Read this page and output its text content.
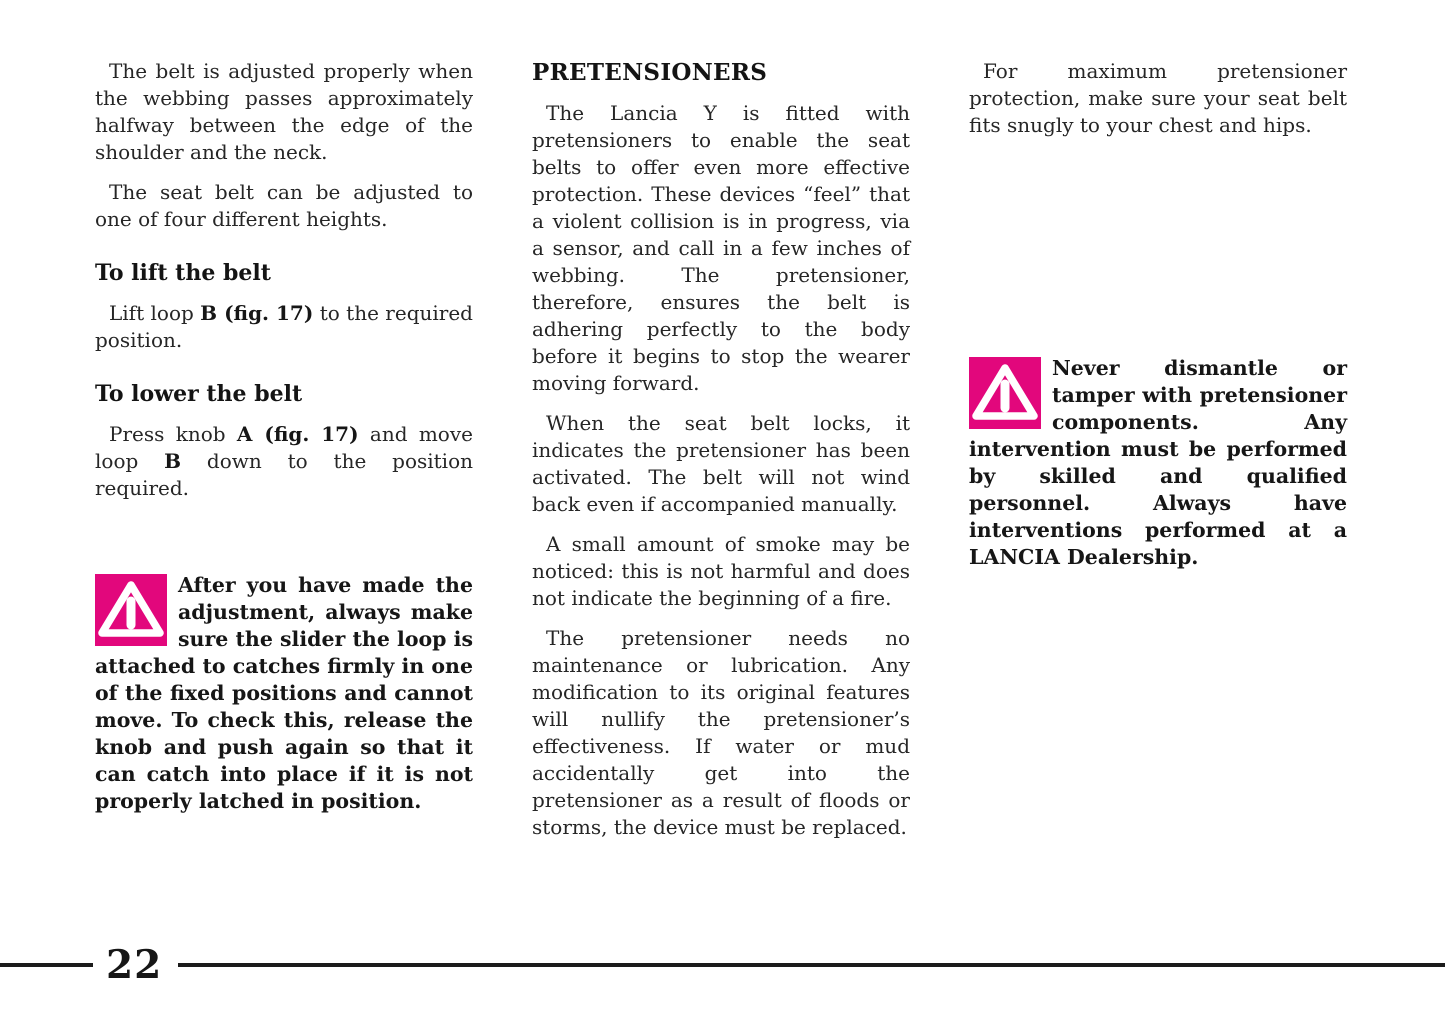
The belt is adjusted properly when the webbing passes approximately halfway between the edge of the shoulder and the neck.

The seat belt can be adjusted to one of four different heights.

To lift the belt

Lift loop B (fig. 17) to the required position.

To lower the belt

Press knob A (fig. 17) and move loop B down to the position required.

After you have made the adjustment, always make sure the slider the loop is attached to catches firmly in one of the fixed positions and cannot move. To check this, release the knob and push again so that it can catch into place if it is not properly latched in position.
PRETENSIONERS

The Lancia Y is fitted with pretensioners to enable the seat belts to offer even more effective protection. These devices “feel” that a violent collision is in progress, via a sensor, and call in a few inches of webbing. The pretensioner, therefore, ensures the belt is adhering perfectly to the body before it begins to stop the wearer moving forward.

When the seat belt locks, it indicates the pretensioner has been activated. The belt will not wind back even if accompanied manually.

A small amount of smoke may be noticed: this is not harmful and does not indicate the beginning of a fire.

The pretensioner needs no maintenance or lubrication. Any modification to its original features will nullify the pretensioner’s effectiveness. If water or mud accidentally get into the pretensioner as a result of floods or storms, the device must be replaced.

For maximum pretensioner protection, make sure your seat belt fits snugly to your chest and hips.

Never dismantle or tamper with pretensioner components. Any intervention must be performed by skilled and qualified personnel. Always have interventions performed at a LANCIA Dealership.
22
